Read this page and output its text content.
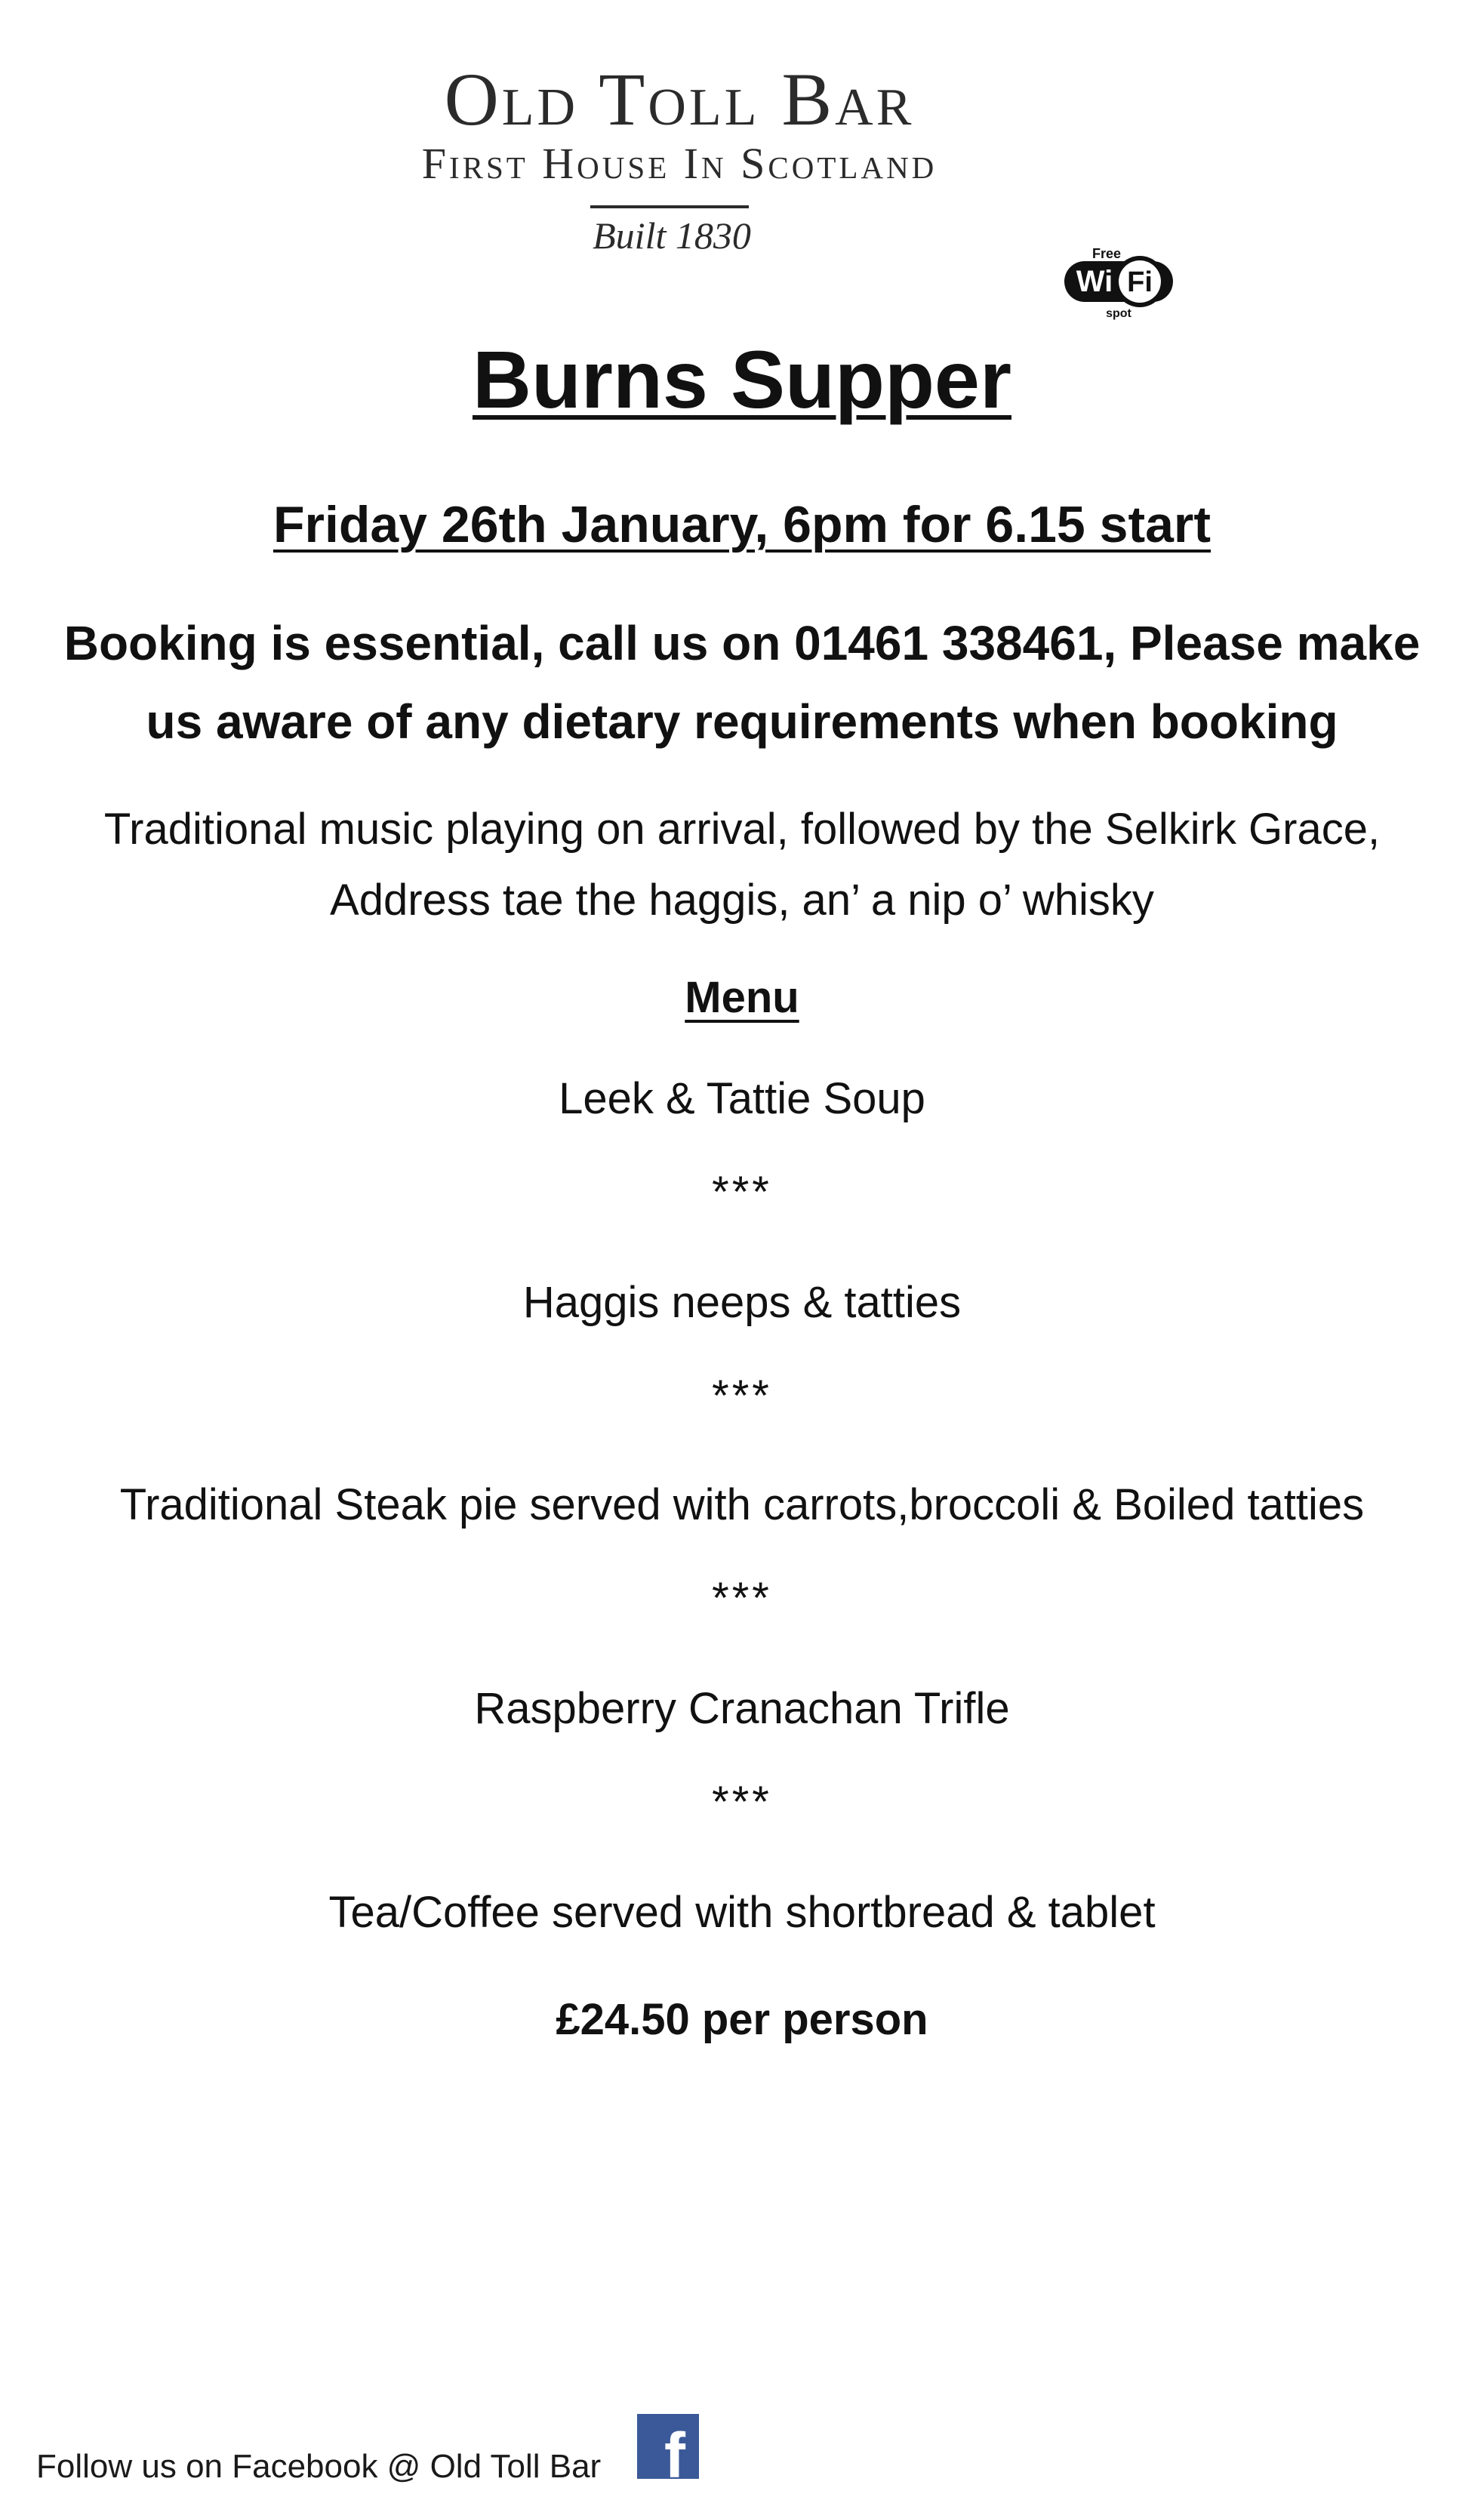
Old Toll Bar
First House In Scotland
Built 1830	Free
Wi Fi
spot
Burns Supper
Friday 26th January, 6pm for 6.15 start
Booking is essential, call us on 01461 338461, Please make
us aware of any dietary requirements when booking
Traditional music playing on arrival, followed by the Selkirk Grace,
Address tae the haggis, an’ a nip o’ whisky
Menu
Leek & Tattie Soup
***
Haggis neeps & tatties
***
Traditional Steak pie served with carrots,broccoli & Boiled tatties
***
Raspberry Cranachan Trifle
***
Tea/Coffee served with shortbread & tablet
£24.50 per person
Follow us on Facebook @ Old Toll Bar f
